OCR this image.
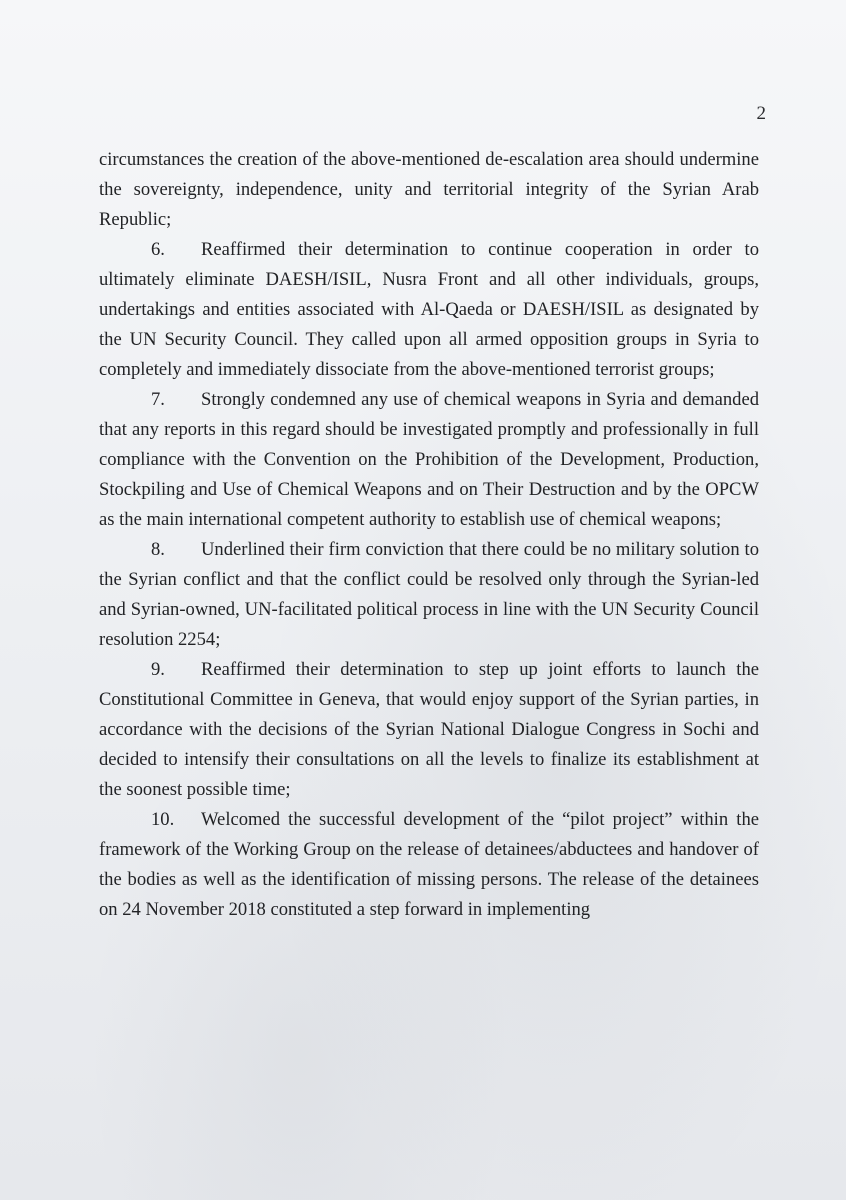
2

circumstances the creation of the above-mentioned de-escalation area should undermine the sovereignty, independence, unity and territorial integrity of the Syrian Arab Republic;

6. Reaffirmed their determination to continue cooperation in order to ultimately eliminate DAESH/ISIL, Nusra Front and all other individuals, groups, undertakings and entities associated with Al-Qaeda or DAESH/ISIL as designated by the UN Security Council. They called upon all armed opposition groups in Syria to completely and immediately dissociate from the above-mentioned terrorist groups;

7. Strongly condemned any use of chemical weapons in Syria and demanded that any reports in this regard should be investigated promptly and professionally in full compliance with the Convention on the Prohibition of the Development, Production, Stockpiling and Use of Chemical Weapons and on Their Destruction and by the OPCW as the main international competent authority to establish use of chemical weapons;

8. Underlined their firm conviction that there could be no military solution to the Syrian conflict and that the conflict could be resolved only through the Syrian-led and Syrian-owned, UN-facilitated political process in line with the UN Security Council resolution 2254;

9. Reaffirmed their determination to step up joint efforts to launch the Constitutional Committee in Geneva, that would enjoy support of the Syrian parties, in accordance with the decisions of the Syrian National Dialogue Congress in Sochi and decided to intensify their consultations on all the levels to finalize its establishment at the soonest possible time;

10. Welcomed the successful development of the “pilot project” within the framework of the Working Group on the release of detainees/abductees and handover of the bodies as well as the identification of missing persons. The release of the detainees on 24 November 2018 constituted a step forward in implementing
